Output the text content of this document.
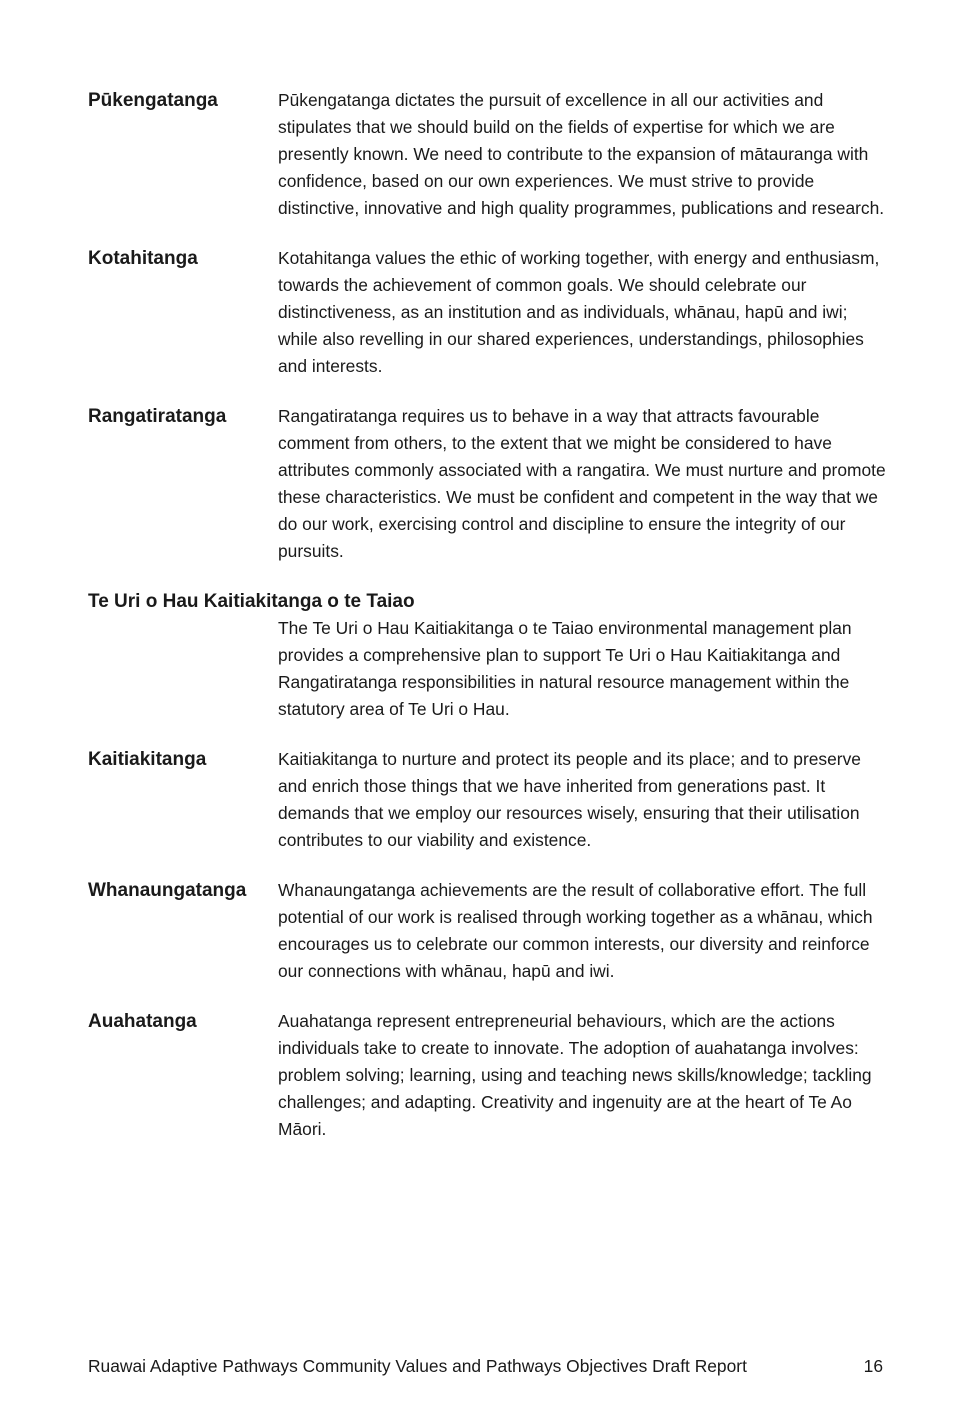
Pūkengatanga	Pūkengatanga dictates the pursuit of excellence in all our activities and stipulates that we should build on the fields of expertise for which we are presently known. We need to contribute to the expansion of mātauranga with confidence, based on our own experiences. We must strive to provide distinctive, innovative and high quality programmes, publications and research.
Kotahitanga	Kotahitanga values the ethic of working together, with energy and enthusiasm, towards the achievement of common goals. We should celebrate our distinctiveness, as an institution and as individuals, whānau, hapū and iwi; while also revelling in our shared experiences, understandings, philosophies and interests.
Rangatiratanga	Rangatiratanga requires us to behave in a way that attracts favourable comment from others, to the extent that we might be considered to have attributes commonly associated with a rangatira. We must nurture and promote these characteristics. We must be confident and competent in the way that we do our work, exercising control and discipline to ensure the integrity of our pursuits.
Te Uri o Hau Kaitiakitanga o te Taiao
The Te Uri o Hau Kaitiakitanga o te Taiao environmental management plan provides a comprehensive plan to support Te Uri o Hau Kaitiakitanga and Rangatiratanga responsibilities in natural resource management within the statutory area of Te Uri o Hau.
Kaitiakitanga	Kaitiakitanga to nurture and protect its people and its place; and to preserve and enrich those things that we have inherited from generations past. It demands that we employ our resources wisely, ensuring that their utilisation contributes to our viability and existence.
Whanaungatanga	Whanaungatanga achievements are the result of collaborative effort. The full potential of our work is realised through working together as a whānau, which encourages us to celebrate our common interests, our diversity and reinforce our connections with whānau, hapū and iwi.
Auahatanga	Auahatanga represent entrepreneurial behaviours, which are the actions individuals take to create to innovate. The adoption of auahatanga involves: problem solving; learning, using and teaching news skills/knowledge; tackling challenges; and adapting. Creativity and ingenuity are at the heart of Te Ao Māori.
Ruawai Adaptive Pathways Community Values and Pathways Objectives Draft Report	16
